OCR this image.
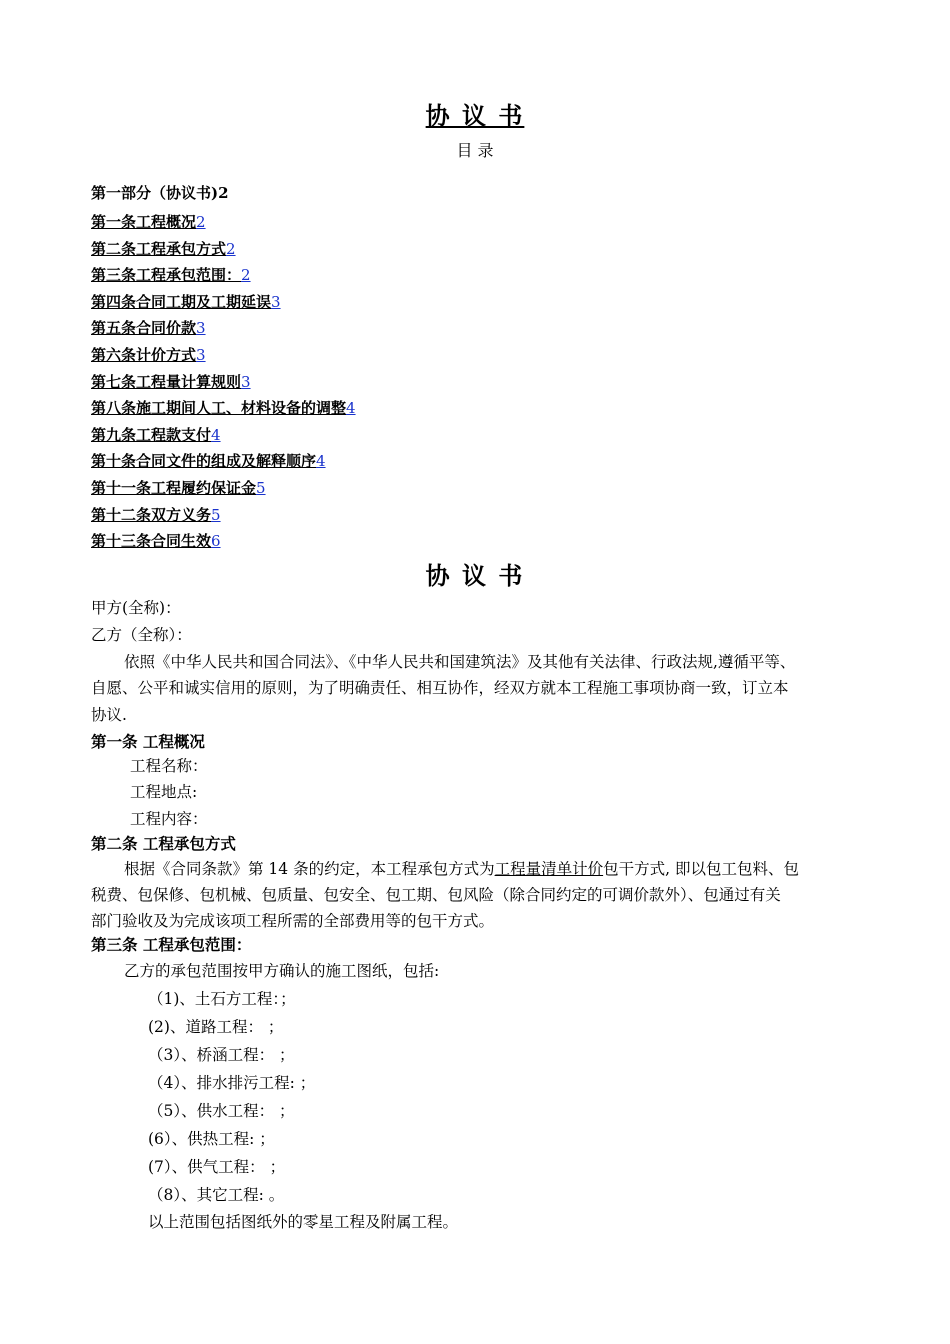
协 议 书
目 录
第一部分（协议书)2
第一条工程概况2
第二条工程承包方式2
第三条工程承包范围：2
第四条合同工期及工期延误3
第五条合同价款3
第六条计价方式3
第七条工程量计算规则3
第八条施工期间人工、材料设备的调整4
第九条工程款支付4
第十条合同文件的组成及解释顺序4
第十一条工程履约保证金5
第十二条双方义务5
第十三条合同生效6
协 议 书
甲方(全称)：
乙方（全称）：
依照《中华人民共和国合同法》、《中华人民共和国建筑法》及其他有关法律、行政法规,遵循平等、
自愿、公平和诚实信用的原则，为了明确责任、相互协作，经双方就本工程施工事项协商一致，订立本
协议.
第一条 工程概况
工程名称：
工程地点:
工程内容：
第二条 工程承包方式
根据《合同条款》第 14 条的约定，本工程承包方式为工程量清单计价包干方式, 即以包工包料、包
税费、包保修、包机械、包质量、包安全、包工期、包风险（除合同约定的可调价款外）、包通过有关
部门验收及为完成该项工程所需的全部费用等的包干方式。
第三条 工程承包范围：
乙方的承包范围按甲方确认的施工图纸，包括:
（1)、土石方工程：；
(2)、道路工程： ；
（3）、桥涵工程： ；
（4）、排水排污工程: ；
（5）、供水工程： ；
(6）、供热工程: ；
(7）、供气工程： ；
（8）、其它工程: 。
以上范围包括图纸外的零星工程及附属工程。
